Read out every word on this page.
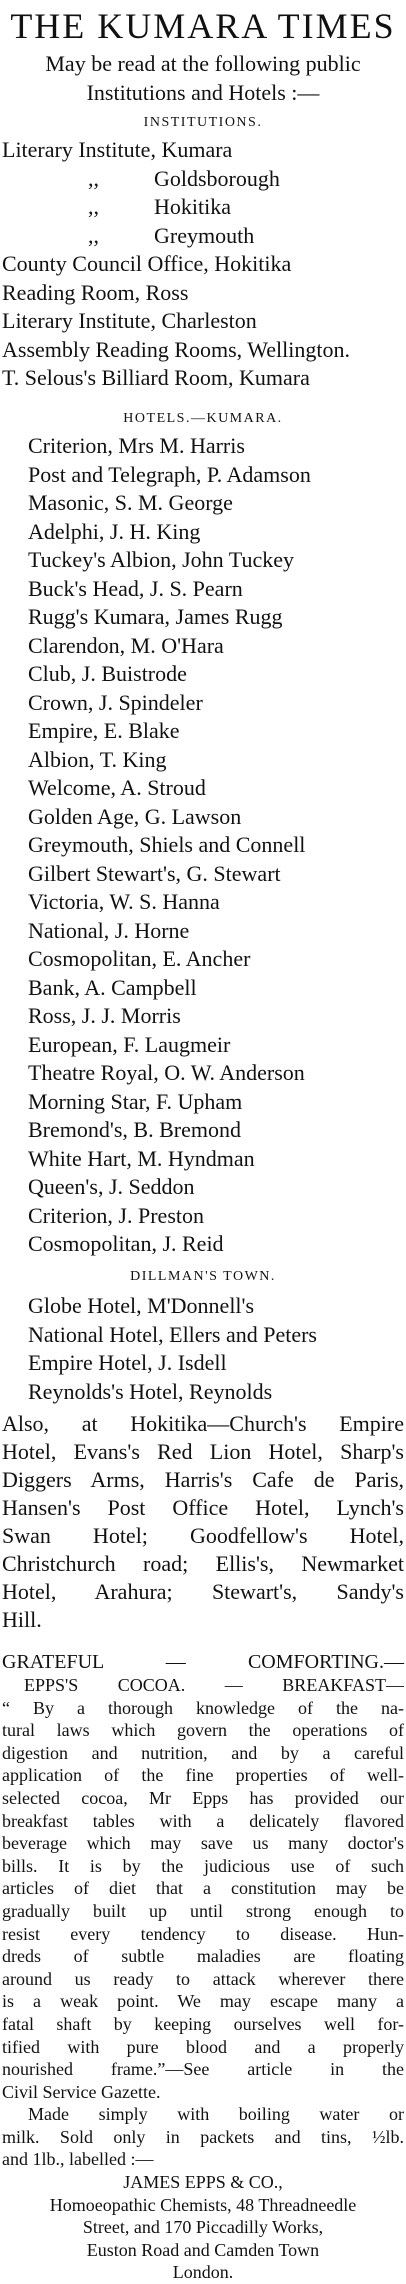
THE KUMARA TIMES
May be read at the following public
Institutions and Hotels :—
INSTITUTIONS.
Literary Institute, Kumara
,,          Goldsborough
,,          Hokitika
,,          Greymouth
County Council Office, Hokitika
Reading Room, Ross
Literary Institute, Charleston
Assembly Reading Rooms, Wellington.
T. Selous's Billiard Room, Kumara
HOTELS.—KUMARA.
Criterion, Mrs M. Harris
Post and Telegraph, P. Adamson
Masonic, S. M. George
Adelphi, J. H. King
Tuckey's Albion, John Tuckey
Buck's Head, J. S. Pearn
Rugg's Kumara, James Rugg
Clarendon, M. O'Hara
Club, J. Buistrode
Crown, J. Spindeler
Empire, E. Blake
Albion, T. King
Welcome, A. Stroud
Golden Age, G. Lawson
Greymouth, Shiels and Connell
Gilbert Stewart's, G. Stewart
Victoria, W. S. Hanna
National, J. Horne
Cosmopolitan, E. Ancher
Bank, A. Campbell
Ross, J. J. Morris
European, F. Laugmeir
Theatre Royal, O. W. Anderson
Morning Star, F. Upham
Bremond's, B. Bremond
White Hart, M. Hyndman
Queen's, J. Seddon
Criterion, J. Preston
Cosmopolitan, J. Reid
DILLMAN'S TOWN.
Globe Hotel, M'Donnell's
National Hotel, Ellers and Peters
Empire Hotel, J. Isdell
Reynolds's Hotel, Reynolds
Also, at Hokitika—Church's Empire
Hotel, Evans's Red Lion Hotel, Sharp's
Diggers Arms, Harris's Cafe de Paris,
Hansen's Post Office Hotel, Lynch's
Swan Hotel; Goodfellow's Hotel,
Christchurch road; Ellis's, Newmarket
Hotel, Arahura; Stewart's, Sandy's
Hill.
GRATEFUL — COMFORTING.—
EPPS'S COCOA. — BREAKFAST—
“ By a thorough knowledge of the na-
tural laws which govern the operations of
digestion and nutrition, and by a careful
application of the fine properties of well-
selected cocoa, Mr Epps has provided our
breakfast tables with a delicately flavored
beverage which may save us many doctor's
bills. It is by the judicious use of such
articles of diet that a constitution may be
gradually built up until strong enough to
resist every tendency to disease. Hun-
dreds of subtle maladies are floating
around us ready to attack wherever there
is a weak point. We may escape many a
fatal shaft by keeping ourselves well for-
tified with pure blood and a properly
nourished frame.”—See article in the
Civil Service Gazette.
Made simply with boiling water or
milk. Sold only in packets and tins, ½lb.
and 1lb., labelled :—
JAMES EPPS & CO.,
Homoeopathic Chemists, 48 Threadneedle
Street, and 170 Piccadilly Works,
Euston Road and Camden Town
London.
